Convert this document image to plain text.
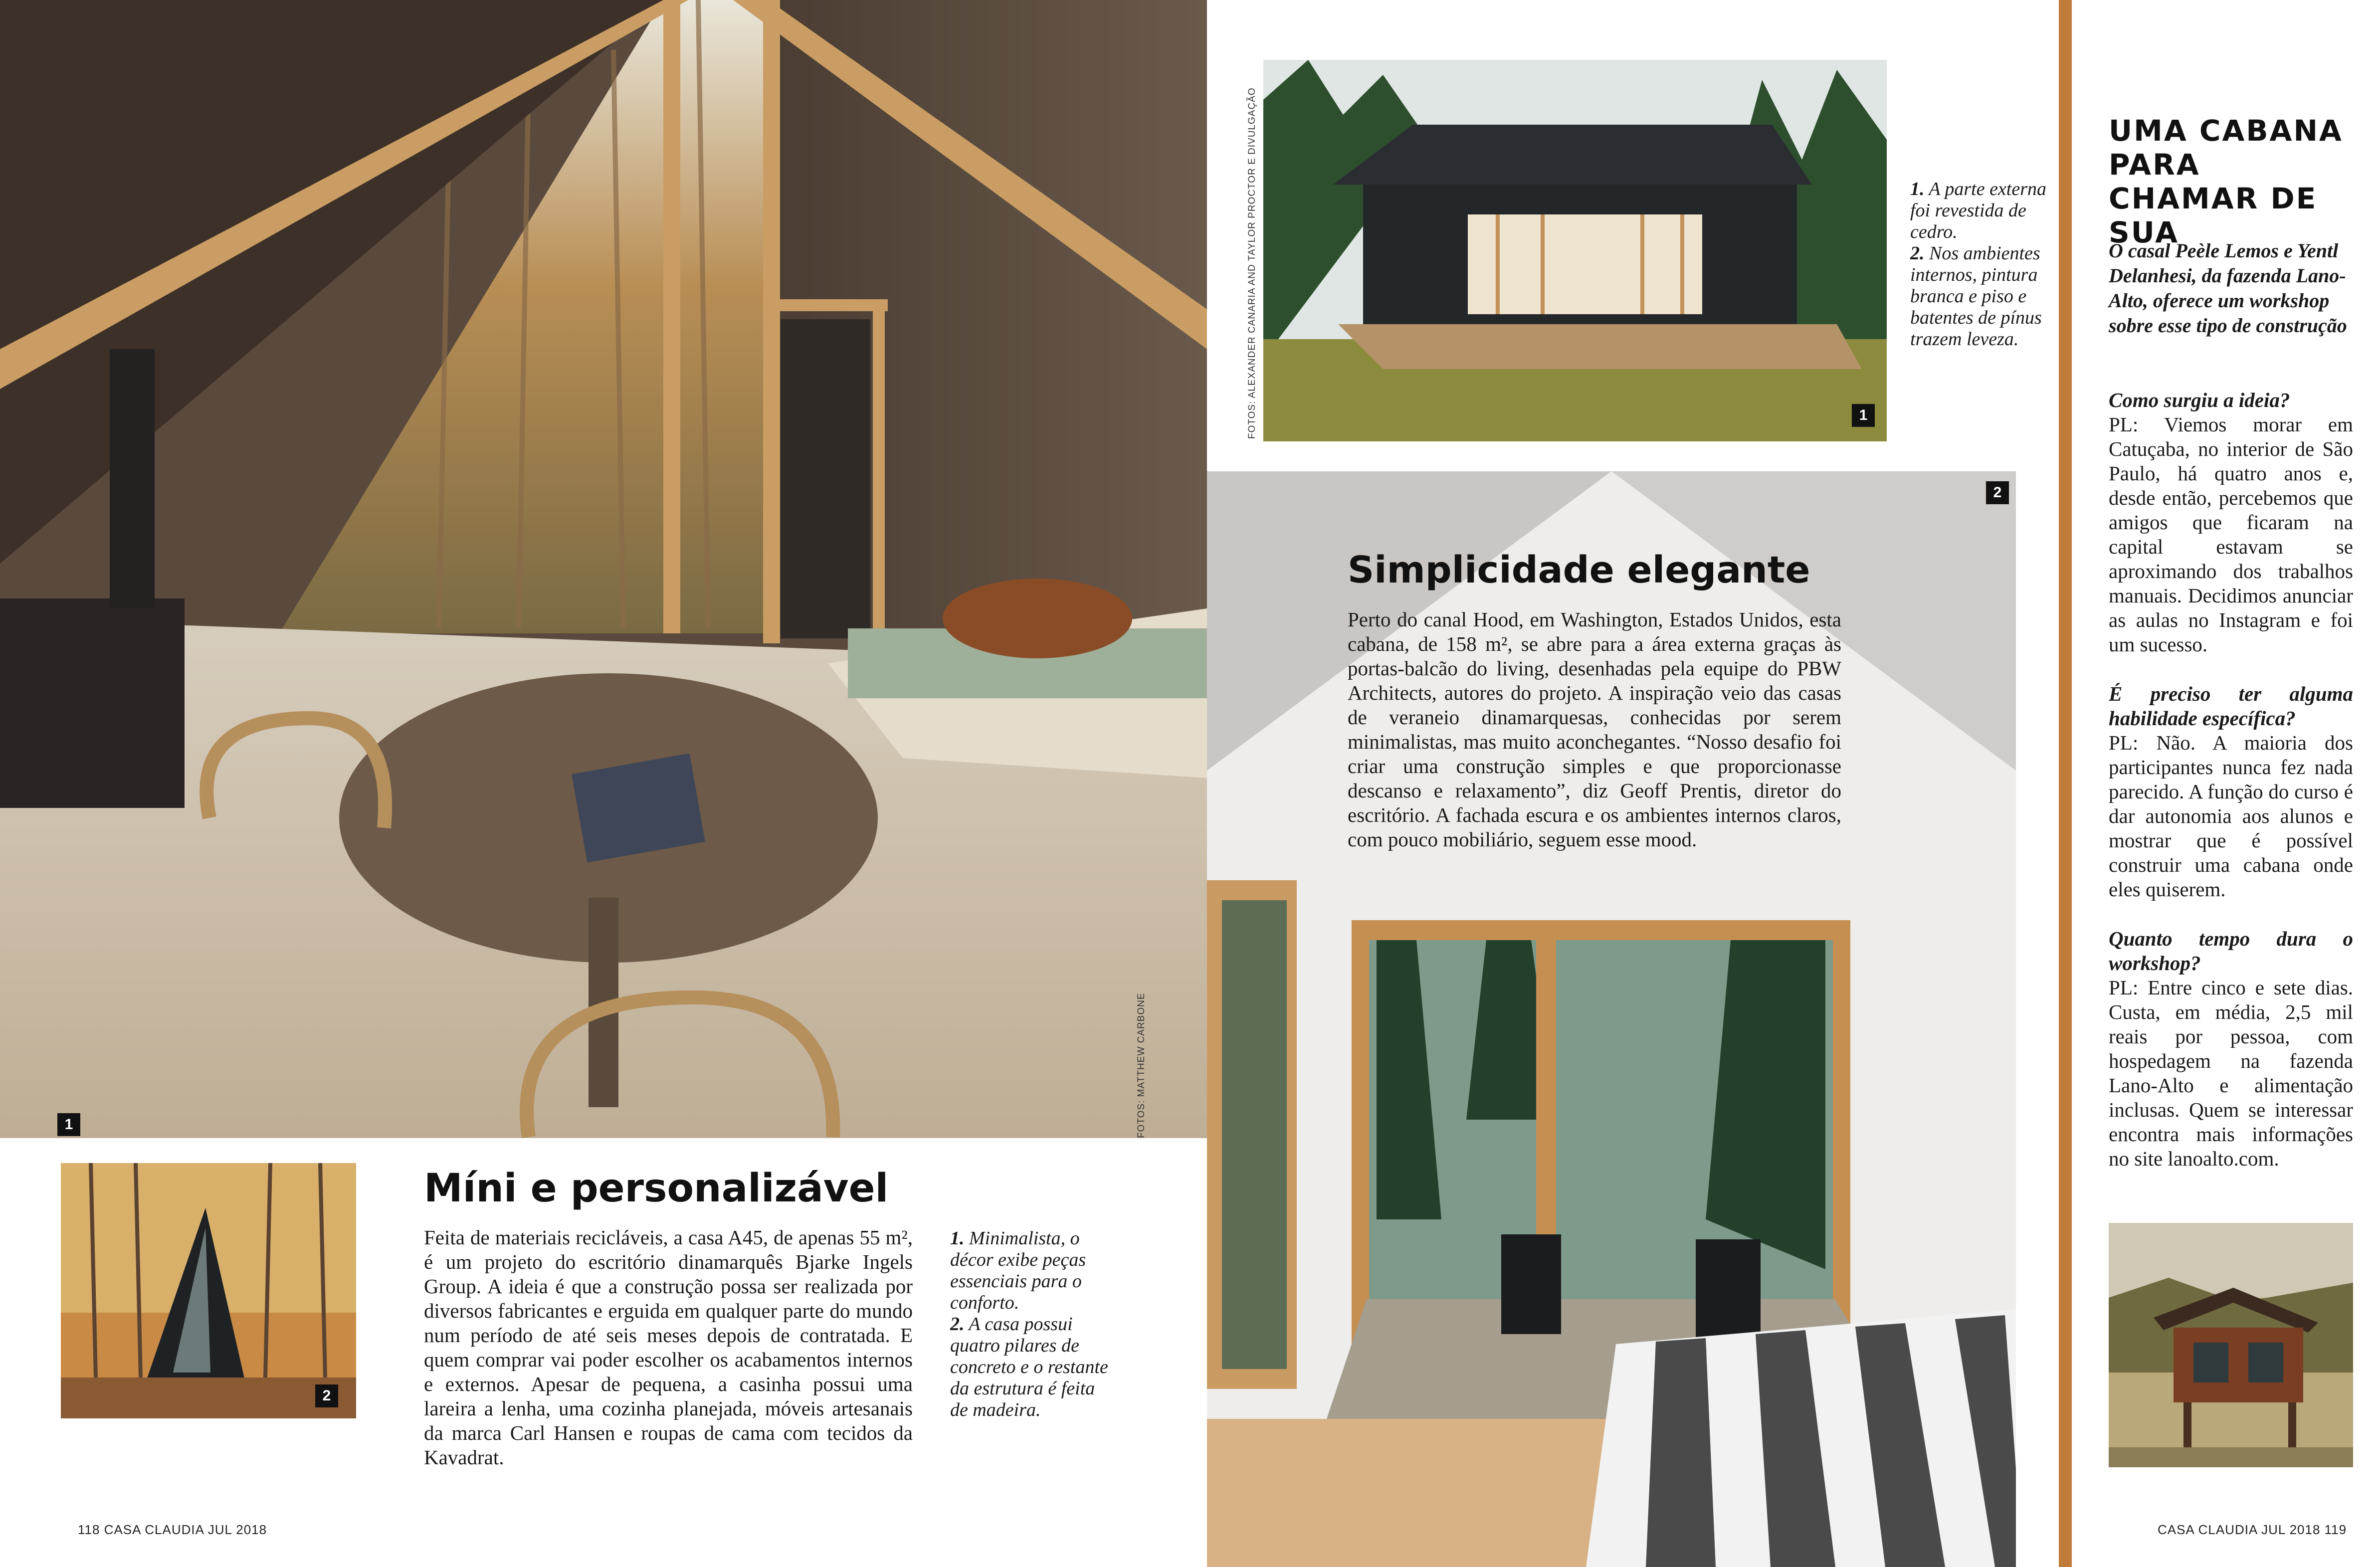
1	FOTOS: MATTHEW CARBONE
2
Míni e personalizável
Feita de materiais recicláveis, a casa A45, de apenas 55 m², é um projeto do escritório dinamarquês Bjarke Ingels Group. A ideia é que a construção possa ser realizada por diversos fabricantes e erguida em qualquer parte do mundo num período de até seis meses depois de contratada. E quem comprar vai poder escolher os acabamentos internos e externos. Apesar de pequena, a casinha possui uma lareira a lenha, uma cozinha planejada, móveis artesanais da marca Carl Hansen e roupas de cama com tecidos da Kavadrat.
1. Minimalista, o décor exibe peças essenciais para o conforto.
2. A casa possui quatro pilares de concreto e o restante da estrutura é feita de madeira.
118 CASA CLAUDIA JUL 2018
FOTOS: ALEXANDER CANARIA AND TAYLOR PROCTOR E DIVULGAÇÃO	1
1. A parte externa foi revestida de cedro.
2. Nos ambientes internos, pintura branca e piso e batentes de pínus trazem leveza.
2
Simplicidade elegante
Perto do canal Hood, em Washington, Estados Unidos, esta cabana, de 158 m², se abre para a área externa graças às portas-balcão do living, desenhadas pela equipe do PBW Architects, autores do projeto. A inspiração veio das casas de veraneio dinamarquesas, conhecidas por serem minimalistas, mas muito aconchegantes. “Nosso desafio foi criar uma construção simples e que proporcionasse descanso e relaxamento”, diz Geoff Prentis, diretor do escritório. A fachada escura e os ambientes internos claros, com pouco mobiliário, seguem esse mood.
UMA CABANA PARA CHAMAR DE SUA
O casal Peèle Lemos e Yentl Delanhesi, da fazenda Lano-Alto, oferece um workshop sobre esse tipo de construção
Como surgiu a ideia?
PL: Viemos morar em Catuçaba, no interior de São Paulo, há quatro anos e, desde então, percebemos que amigos que ficaram na capital estavam se aproximando dos trabalhos manuais. Decidimos anunciar as aulas no Instagram e foi um sucesso.
É preciso ter alguma habilidade específica?
PL: Não. A maioria dos participantes nunca fez nada parecido. A função do curso é dar autonomia aos alunos e mostrar que é possível construir uma cabana onde eles quiserem.
Quanto tempo dura o workshop?
PL: Entre cinco e sete dias. Custa, em média, 2,5 mil reais por pessoa, com hospedagem na fazenda Lano-Alto e alimentação inclusas. Quem se interessar encontra mais informações no site lanoalto.com.
CASA CLAUDIA JUL 2018 119
